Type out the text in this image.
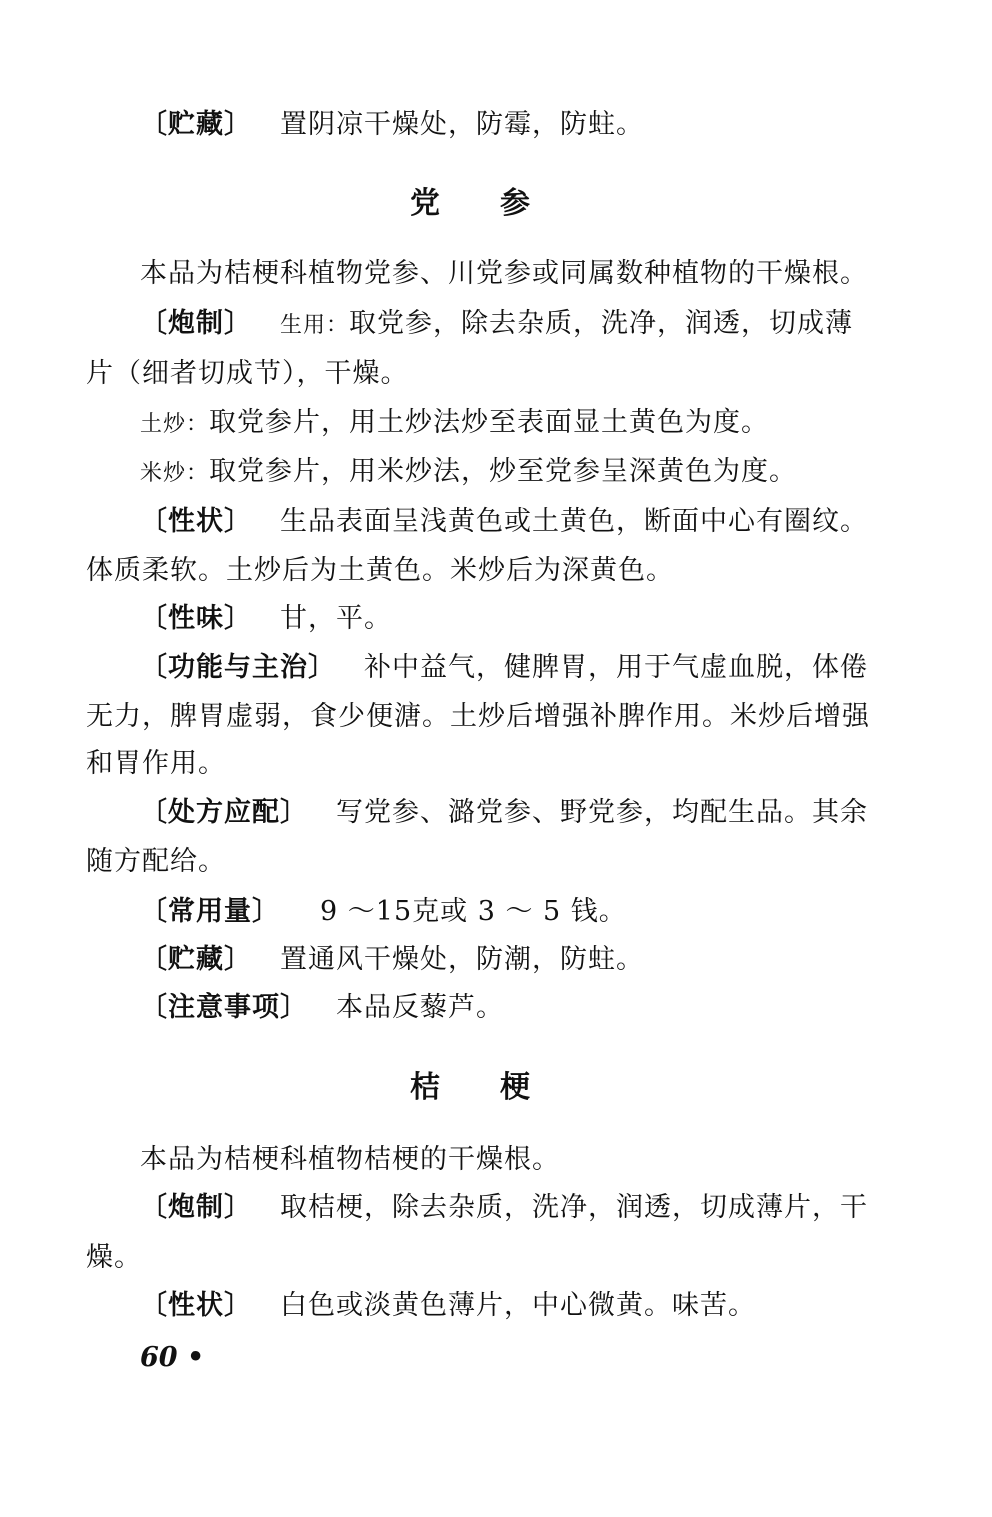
〔贮藏〕 置阴凉干燥处，防霉，防蛀。
党 参
本品为桔梗科植物党参、川党参或同属数种植物的干燥根。
〔炮制〕 生用：取党参，除去杂质，洗净，润透，切成薄
片（细者切成节），干燥。
土炒：取党参片，用土炒法炒至表面显土黄色为度。
米炒：取党参片，用米炒法，炒至党参呈深黄色为度。
〔性状〕 生品表面呈浅黄色或土黄色，断面中心有圈纹。
体质柔软。土炒后为土黄色。米炒后为深黄色。
〔性味〕 甘，平。
〔功能与主治〕 补中益气，健脾胃，用于气虚血脱，体倦
无力，脾胃虚弱，食少便溏。土炒后增强补脾作用。米炒后增强
和胃作用。
〔处方应配〕 写党参、潞党参、野党参，均配生品。其余
随方配给。
〔常用量〕 9 ～15克或 3 ～ 5 钱。
〔贮藏〕 置通风干燥处，防潮，防蛀。
〔注意事项〕 本品反藜芦。
桔 梗
本品为桔梗科植物桔梗的干燥根。
〔炮制〕 取桔梗，除去杂质，洗净，润透，切成薄片，干
燥。
〔性状〕 白色或淡黄色薄片，中心微黄。味苦。
60 •
